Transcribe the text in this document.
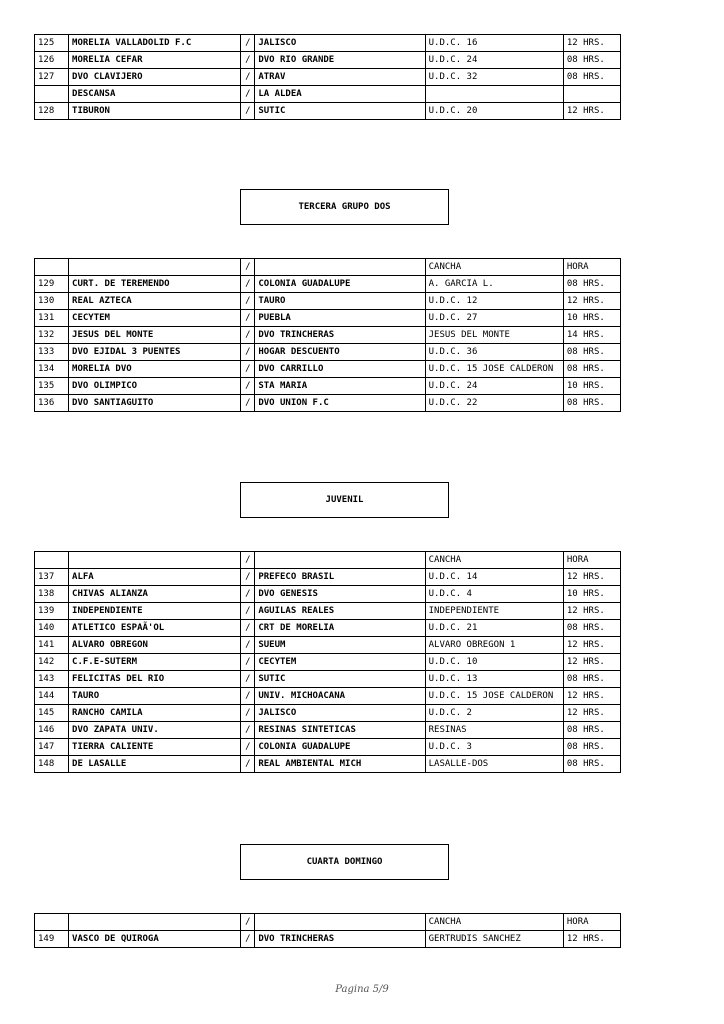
125	MORELIA VALLADOLID F.C	/	JALISCO	U.D.C. 16	12 HRS.
126	MORELIA CEFAR	/	DVO RIO GRANDE	U.D.C. 24	08 HRS.
127	DVO CLAVIJERO	/	ATRAV	U.D.C. 32	08 HRS.
	DESCANSA	/	LA ALDEA		
128	TIBURON	/	SUTIC	U.D.C. 20	12 HRS.
TERCERA GRUPO DOS
		/		CANCHA	HORA
129	CURT. DE TEREMENDO	/	COLONIA GUADALUPE	A. GARCIA L.	08 HRS.
130	REAL AZTECA	/	TAURO	U.D.C. 12	12 HRS.
131	CECYTEM	/	PUEBLA	U.D.C. 27	10 HRS.
132	JESUS DEL MONTE	/	DVO TRINCHERAS	JESUS DEL MONTE	14 HRS.
133	DVO EJIDAL 3 PUENTES	/	HOGAR DESCUENTO	U.D.C. 36	08 HRS.
134	MORELIA DVO	/	DVO CARRILLO	U.D.C. 15 JOSE CALDERON	08 HRS.
135	DVO OLIMPICO	/	STA MARIA	U.D.C. 24	10 HRS.
136	DVO SANTIAGUITO	/	DVO UNION F.C	U.D.C. 22	08 HRS.
JUVENIL
		/		CANCHA	HORA
137	ALFA	/	PREFECO BRASIL	U.D.C. 14	12 HRS.
138	CHIVAS ALIANZA	/	DVO GENESIS	U.D.C. 4	10 HRS.
139	INDEPENDIENTE	/	AGUILAS REALES	INDEPENDIENTE	12 HRS.
140	ATLETICO ESPAÃ'OL	/	CRT DE MORELIA	U.D.C. 21	08 HRS.
141	ALVARO OBREGON	/	SUEUM	ALVARO OBREGON 1	12 HRS.
142	C.F.E-SUTERM	/	CECYTEM	U.D.C. 10	12 HRS.
143	FELICITAS DEL RIO	/	SUTIC	U.D.C. 13	08 HRS.
144	TAURO	/	UNIV. MICHOACANA	U.D.C. 15 JOSE CALDERON	12 HRS.
145	RANCHO CAMILA	/	JALISCO	U.D.C. 2	12 HRS.
146	DVO ZAPATA UNIV.	/	RESINAS SINTETICAS	RESINAS	08 HRS.
147	TIERRA CALIENTE	/	COLONIA GUADALUPE	U.D.C. 3	08 HRS.
148	DE LASALLE	/	REAL AMBIENTAL MICH	LASALLE-DOS	08 HRS.
CUARTA DOMINGO
		/		CANCHA	HORA
149	VASCO DE QUIROGA	/	DVO TRINCHERAS	GERTRUDIS SANCHEZ	12 HRS.
Pagina 5/9
